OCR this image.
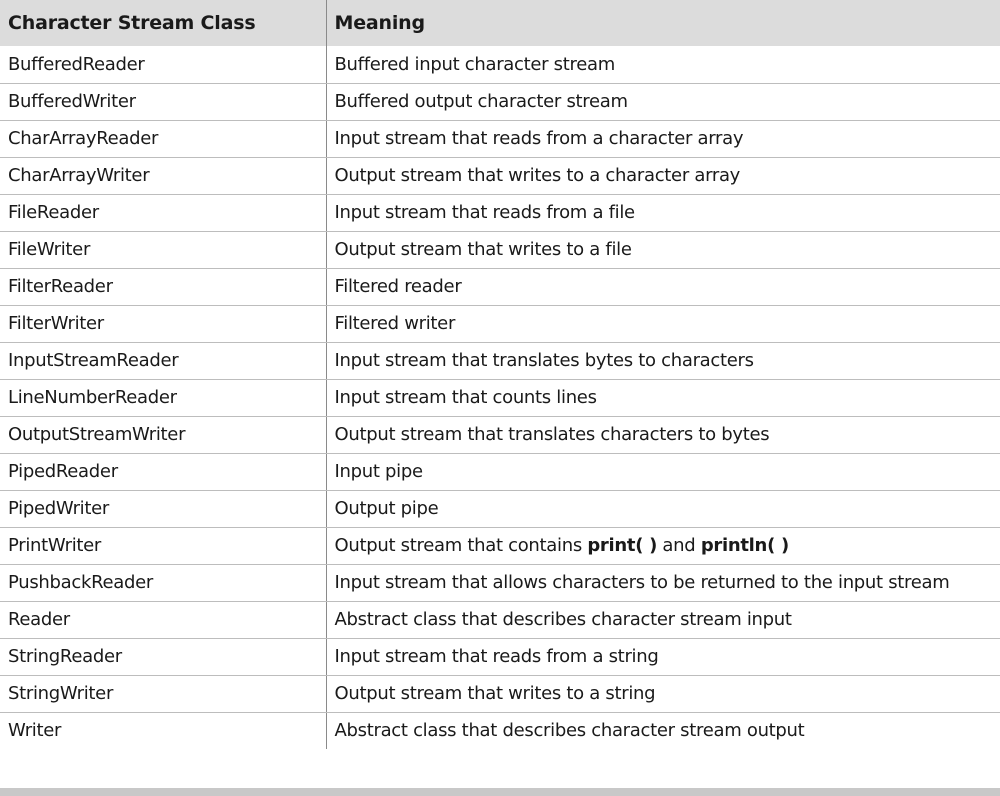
Character Stream Class	Meaning
BufferedReader	Buffered input character stream
BufferedWriter	Buffered output character stream
CharArrayReader	Input stream that reads from a character array
CharArrayWriter	Output stream that writes to a character array
FileReader	Input stream that reads from a file
FileWriter	Output stream that writes to a file
FilterReader	Filtered reader
FilterWriter	Filtered writer
InputStreamReader	Input stream that translates bytes to characters
LineNumberReader	Input stream that counts lines
OutputStreamWriter	Output stream that translates characters to bytes
PipedReader	Input pipe
PipedWriter	Output pipe
PrintWriter	Output stream that contains print( ) and println( )
PushbackReader	Input stream that allows characters to be returned to the input stream
Reader	Abstract class that describes character stream input
StringReader	Input stream that reads from a string
StringWriter	Output stream that writes to a string
Writer	Abstract class that describes character stream output
